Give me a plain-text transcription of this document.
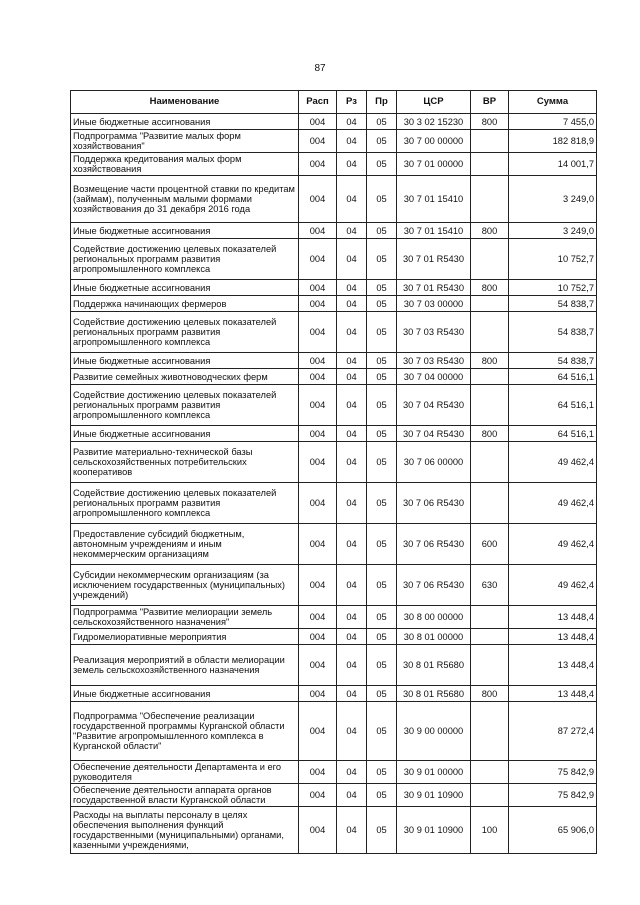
87
Наименование	Расп	Рз	Пр	ЦСР	ВР	Сумма
Иные бюджетные ассигнования	004	04	05	30 3 02 15230	800	7 455,0
Подпрограмма "Развитие малых форм хозяйствования"	004	04	05	30 7 00 00000		182 818,9
Поддержка кредитования малых форм хозяйствования	004	04	05	30 7 01 00000		14 001,7
Возмещение части процентной ставки по кредитам (займам), полученным малыми формами хозяйствования до 31 декабря 2016 года	004	04	05	30 7 01 15410		3 249,0
Иные бюджетные ассигнования	004	04	05	30 7 01 15410	800	3 249,0
Содействие достижению целевых показателей региональных программ развития агропромышленного комплекса	004	04	05	30 7 01 R5430		10 752,7
Иные бюджетные ассигнования	004	04	05	30 7 01 R5430	800	10 752,7
Поддержка начинающих фермеров	004	04	05	30 7 03 00000		54 838,7
Содействие достижению целевых показателей региональных программ развития агропромышленного комплекса	004	04	05	30 7 03 R5430		54 838,7
Иные бюджетные ассигнования	004	04	05	30 7 03 R5430	800	54 838,7
Развитие семейных животноводческих ферм	004	04	05	30 7 04 00000		64 516,1
Содействие достижению целевых показателей региональных программ развития агропромышленного комплекса	004	04	05	30 7 04 R5430		64 516,1
Иные бюджетные ассигнования	004	04	05	30 7 04 R5430	800	64 516,1
Развитие материально-технической базы сельскохозяйственных потребительских кооперативов	004	04	05	30 7 06 00000		49 462,4
Содействие достижению целевых показателей региональных программ развития агропромышленного комплекса	004	04	05	30 7 06 R5430		49 462,4
Предоставление субсидий бюджетным, автономным учреждениям и иным некоммерческим организациям	004	04	05	30 7 06 R5430	600	49 462,4
Субсидии некоммерческим организациям (за исключением государственных (муниципальных) учреждений)	004	04	05	30 7 06 R5430	630	49 462,4
Подпрограмма "Развитие мелиорации земель сельскохозяйственного назначения"	004	04	05	30 8 00 00000		13 448,4
Гидромелиоративные мероприятия	004	04	05	30 8 01 00000		13 448,4
Реализация мероприятий в области мелиорации земель сельскохозяйственного назначения	004	04	05	30 8 01 R5680		13 448,4
Иные бюджетные ассигнования	004	04	05	30 8 01 R5680	800	13 448,4
Подпрограмма "Обеспечение реализации государственной программы Курганской области "Развитие агропромышленного комплекса в Курганской области"	004	04	05	30 9 00 00000		87 272,4
Обеспечение деятельности Департамента и его руководителя	004	04	05	30 9 01 00000		75 842,9
Обеспечение деятельности аппарата органов государственной власти Курганской области	004	04	05	30 9 01 10900		75 842,9
Расходы на выплаты персоналу в целях обеспечения выполнения функций государственными (муниципальными) органами, казенными учреждениями,	004	04	05	30 9 01 10900	100	65 906,0
